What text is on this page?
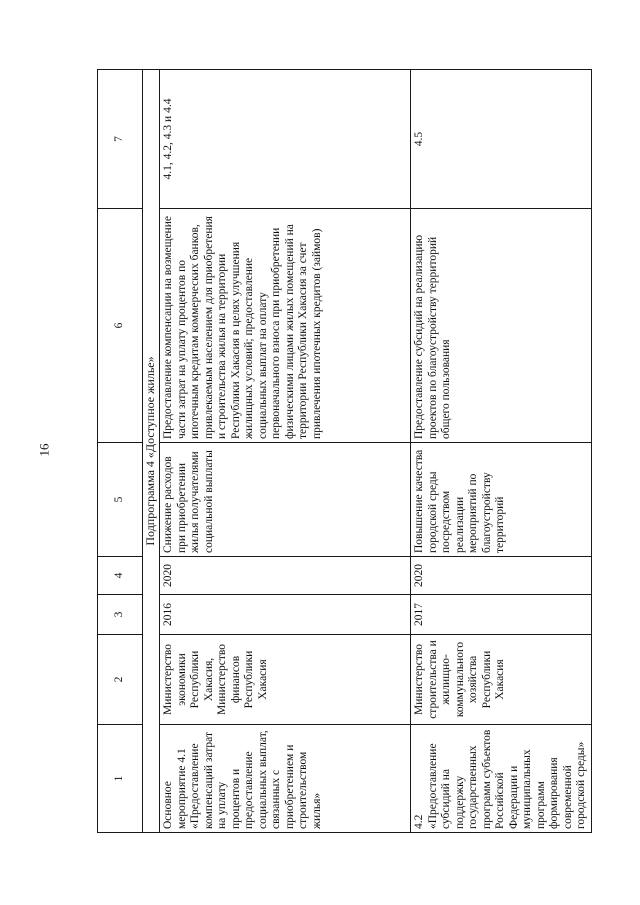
16
1	2	3	4	5	6	7
Подпрограмма 4 «Доступное жилье»						
Основное мероприятие 4.1 «Предоставление компенсаций затрат на уплату процентов и предоставление социальных выплат, связанных с приобретением и строительством жилья»	Министерство экономики Республики Хакасия, Министерство финансов Республики Хакасия	2016	2020	Снижение расходов при приобретении жилья получателями социальной выплаты	Предоставление компенсации на возмещение части затрат на уплату процентов по ипотечным кредитам коммерческих банков, привлекаемым населением для приобретения и строительства жилья на территории Республики Хакасия в целях улучшения жилищных условий; предоставление социальных выплат на оплату первоначального взноса при приобретении физическими лицами жилых помещений на территории Республики Хакасия за счет привлечения ипотечных кредитов (займов)	4.1, 4.2, 4.3 и 4.4
4.2 «Предоставление субсидий на поддержку государственных программ субъектов Российской Федерации и муниципальных программ формирования современной городской среды»	Министерство строительства и жилищно-коммунального хозяйства Республики Хакасия	2017	2020	Повышение качества городской среды посредством реализации мероприятий по благоустройству территорий	Предоставление субсидий на реализацию проектов по благоустройству территорий общего пользования	4.5
